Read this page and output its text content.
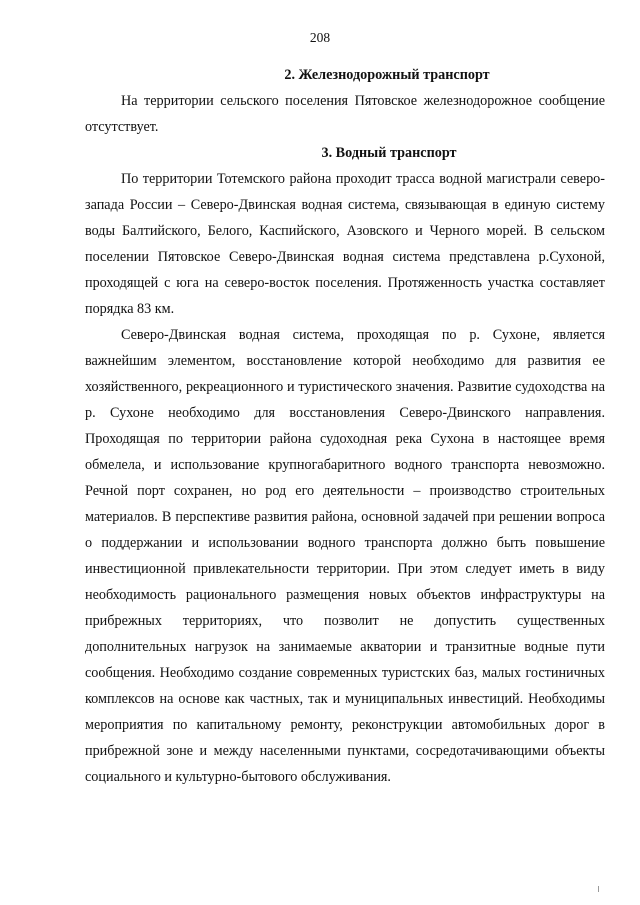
208
2. Железнодорожный транспорт

На территории сельского поселения Пятовское железнодорожное сообщение отсутствует.

3. Водный транспорт

По территории Тотемского района проходит трасса водной магистрали северо-запада России – Северо-Двинская водная система, связывающая в единую систему воды Балтийского, Белого, Каспийского, Азовского и Черного морей. В сельском поселении Пятовское Северо-Двинская водная система представлена р.Сухоной, проходящей с юга на северо-восток поселения. Протяженность участка составляет порядка 83 км.

Северо-Двинская водная система, проходящая по р. Сухоне, является важнейшим элементом, восстановление которой необходимо для развития ее хозяйственного, рекреационного и туристического значения. Развитие судоходства на р. Сухоне необходимо для восстановления Северо-Двинского направления. Проходящая по территории района судоходная река Сухона в настоящее время обмелела, и использование крупногабаритного водного транспорта невозможно. Речной порт сохранен, но род его деятельности – производство строительных материалов. В перспективе развития района, основной задачей при решении вопроса о поддержании и использовании водного транспорта должно быть повышение инвестиционной привлекательности территории. При этом следует иметь в виду необходимость рационального размещения новых объектов инфраструктуры на прибрежных территориях, что позволит не допустить существенных дополнительных нагрузок на занимаемые акватории и транзитные водные пути сообщения. Необходимо создание современных туристских баз, малых гостиничных комплексов на основе как частных, так и муниципальных инвестиций. Необходимы мероприятия по капитальному ремонту, реконструкции автомобильных дорог в прибрежной зоне и между населенными пунктами, сосредотачивающими объекты социального и культурно-бытового обслуживания.
